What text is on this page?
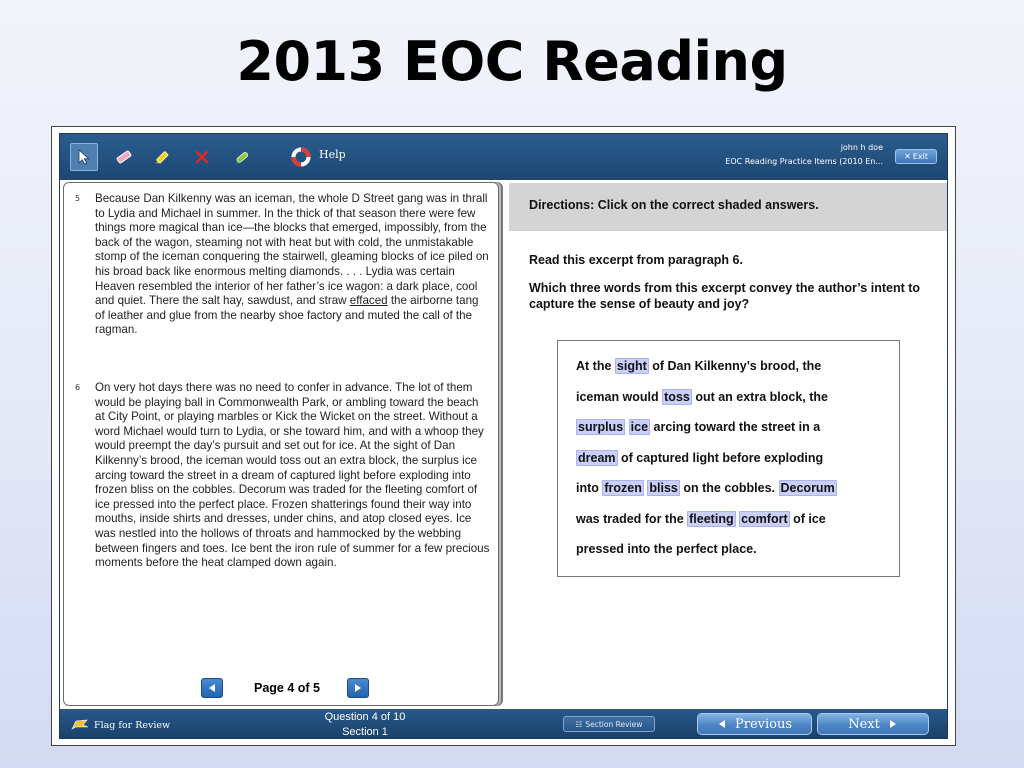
2013 EOC Reading
Help
john h doe
EOC Reading Practice Items (2010 En...
✕ Exit
5 Because Dan Kilkenny was an iceman, the whole D Street gang was in thrall to Lydia and Michael in summer. In the thick of that season there were few things more magical than ice—the blocks that emerged, impossibly, from the back of the wagon, steaming not with heat but with cold, the unmistakable stomp of the iceman conquering the stairwell, gleaming blocks of ice piled on his broad back like enormous melting diamonds. . . . Lydia was certain Heaven resembled the interior of her father’s ice wagon: a dark place, cool and quiet. There the salt hay, sawdust, and straw effaced the airborne tang of leather and glue from the nearby shoe factory and muted the call of the ragman.

6 On very hot days there was no need to confer in advance. The lot of them would be playing ball in Commonwealth Park, or ambling toward the beach at City Point, or playing marbles or Kick the Wicket on the street. Without a word Michael would turn to Lydia, or she toward him, and with a whoop they would preempt the day’s pursuit and set out for ice. At the sight of Dan Kilkenny’s brood, the iceman would toss out an extra block, the surplus ice arcing toward the street in a dream of captured light before exploding into frozen bliss on the cobbles. Decorum was traded for the fleeting comfort of ice pressed into the perfect place. Frozen shatterings found their way into mouths, inside shirts and dresses, under chins, and atop closed eyes. Ice was nestled into the hollows of throats and hammocked by the webbing between fingers and toes. Ice bent the iron rule of summer for a few precious moments before the heat clamped down again.

Page 4 of 5
Directions: Click on the correct shaded answers.

Read this excerpt from paragraph 6.

Which three words from this excerpt convey the author’s intent to capture the sense of beauty and joy?

At the sight of Dan Kilkenny’s brood, the
iceman would toss out an extra block, the
surplus ice arcing toward the street in a
dream of captured light before exploding
into frozen bliss on the cobbles. Decorum
was traded for the fleeting comfort of ice
pressed into the perfect place.
Flag for Review
Question 4 of 10
Section 1
☷ Section Review	Previous	Next
